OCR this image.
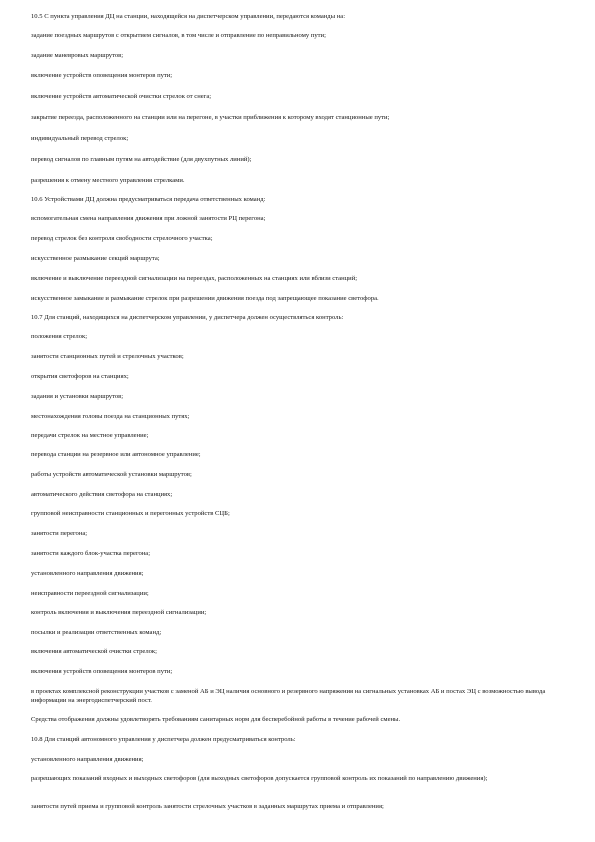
10.5 С пункта управления ДЦ на станции, находящейся на диспетчерском управлении, передаются команды на:

задание поездных маршрутов с открытием сигналов, в том числе и отправление по неправильному пути;

задание маневровых маршрутов;

включение устройств оповещения монтеров пути;

включение устройств автоматической очистки стрелок от снега;

закрытие переезда, расположенного на станции или на перегоне, в участки приближения к которому входят станционные пути;

индивидуальный перевод стрелок;

перевод сигналов по главным путям на автодействие (для двухпутных линий);

разрешения к отмену местного управления стрелками.

10.6 Устройствами ДЦ должна предусматриваться передача ответственных команд:

вспомогательная смена направления движения при ложной занятости РЦ перегона;

перевод стрелок без контроля свободности стрелочного участка;

искусственное размыкание секций маршрута;

включение и выключение переездной сигнализации на переездах, расположенных на станциях или вблизи станций;

искусственное замыкание и размыкание стрелок при разрешении движения поезда под запрещающее показание светофора.

10.7 Для станций, находящихся на диспетчерском управлении, у диспетчера должен осуществляться контроль:

положения стрелок;

занятости станционных путей и стрелочных участков;

открытия светофоров на станциях;

задания и установки маршрутов;

местонахождения головы поезда на станционных путях;

передачи стрелок на местное управление;

перевода станции на резервное или автономное управление;

работы устройств автоматической установки маршрутов;

автоматического действия светофора на станциях;

групповой неисправности станционных и перегонных устройств СЦБ;

занятости перегона;

занятости каждого блок-участка перегона;

установленного направления движения;

неисправности переездной сигнализации;

контроль включения и выключения переездной сигнализации;

посылки и реализации ответственных команд;

включения автоматической очистки стрелок;

включения устройств оповещения монтеров пути;

в проектах комплексной реконструкции участков с заменой АБ и ЭЦ наличия основного и резервного напряжения на сигнальных установках АБ и постах ЭЦ с возможностью вывода информации на энергодиспетчерский пост.

Средства отображения должны удовлетворять требованиям санитарных норм для бесперебойной работы в течение рабочей смены.

10.8 Для станций автономного управления у диспетчера должен предусматриваться контроль:

установленного направления движения;

разрешающих показаний входных и выходных светофоров (для выходных светофоров допускается групповой контроль их показаний по направлению движения);

занятости путей приема и групповой контроль занятости стрелочных участков в заданных маршрутах приема и отправления;
